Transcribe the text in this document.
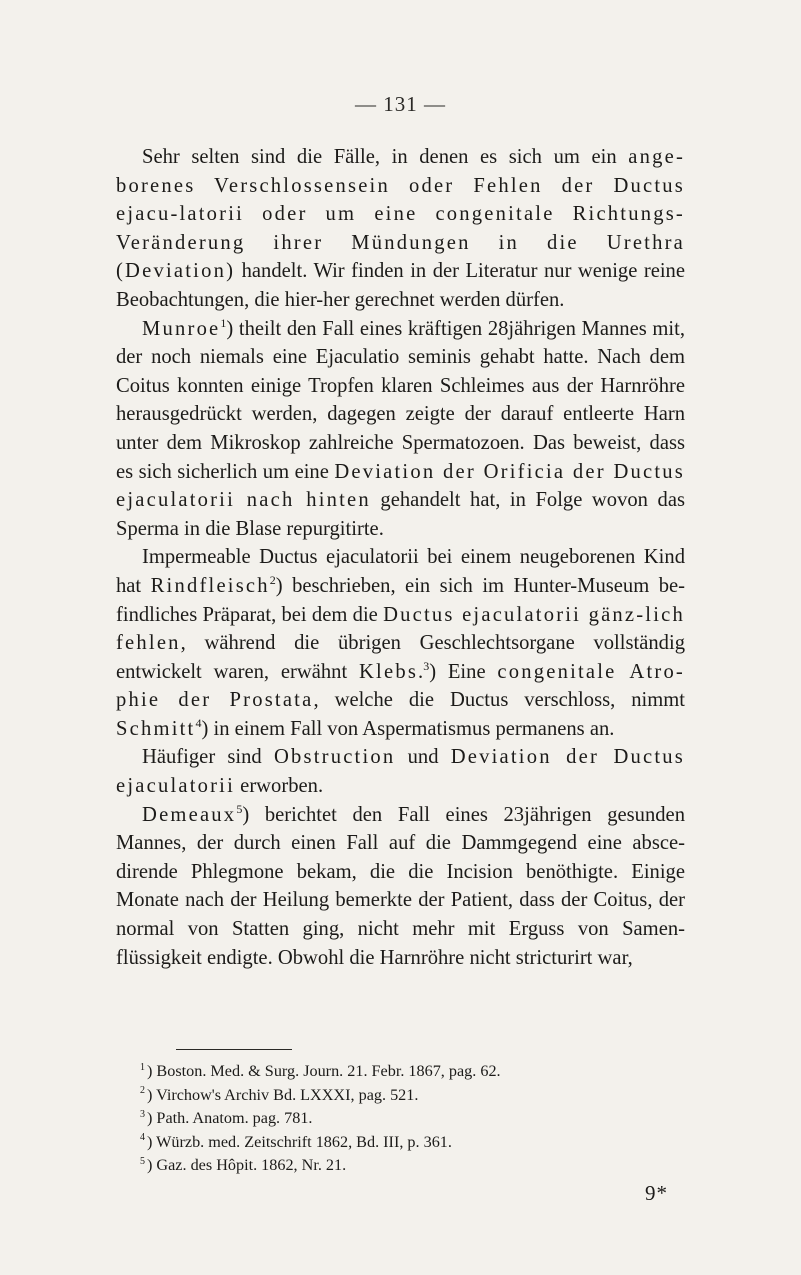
— 131 —

Sehr selten sind die Fälle, in denen es sich um ein ange-borenes Verschlossensein oder Fehlen der Ductus ejacu-latorii oder um eine congenitale Richtungs-Veränderung ihrer Mündungen in die Urethra (Deviation) handelt. Wir finden in der Literatur nur wenige reine Beobachtungen, die hier-her gerechnet werden dürfen.

Munroe$^1$) theilt den Fall eines kräftigen 28jährigen Mannes mit, der noch niemals eine Ejaculatio seminis gehabt hatte. Nach dem Coitus konnten einige Tropfen klaren Schleimes aus der Harnröhre herausgedrückt werden, dagegen zeigte der darauf entleerte Harn unter dem Mikroskop zahlreiche Spermatozoen. Das beweist, dass es sich sicherlich um eine Deviation der Orificia der Ductus ejaculatorii nach hinten gehandelt hat, in Folge wovon das Sperma in die Blase repurgitirte.

Impermeable Ductus ejaculatorii bei einem neugeborenen Kind hat Rindfleisch$^2$) beschrieben, ein sich im Hunter-Museum be-findliches Präparat, bei dem die Ductus ejaculatorii gänz-lich fehlen, während die übrigen Geschlechtsorgane vollständig entwickelt waren, erwähnt Klebs.$^3$) Eine congenitale Atro-phie der Prostata, welche die Ductus verschloss, nimmt Schmitt$^4$) in einem Fall von Aspermatismus permanens an.

Häufiger sind Obstruction und Deviation der Ductus ejaculatorii erworben.

Demeaux$^5$) berichtet den Fall eines 23jährigen gesunden Mannes, der durch einen Fall auf die Dammgegend eine absce-dirende Phlegmone bekam, die die Incision benöthigte. Einige Monate nach der Heilung bemerkte der Patient, dass der Coitus, der normal von Statten ging, nicht mehr mit Erguss von Samen-flüssigkeit endigte. Obwohl die Harnröhre nicht stricturirt war,

$^1$ ) Boston. Med. & Surg. Journ. 21. Febr. 1867, pag. 62.
$^2$ ) Virchow's Archiv Bd. LXXXI, pag. 521.
$^3$ ) Path. Anatom. pag. 781.
$^4$ ) Würzb. med. Zeitschrift 1862, Bd. III, p. 361.
$^5$ ) Gaz. des Hôpit. 1862, Nr. 21.
9*
